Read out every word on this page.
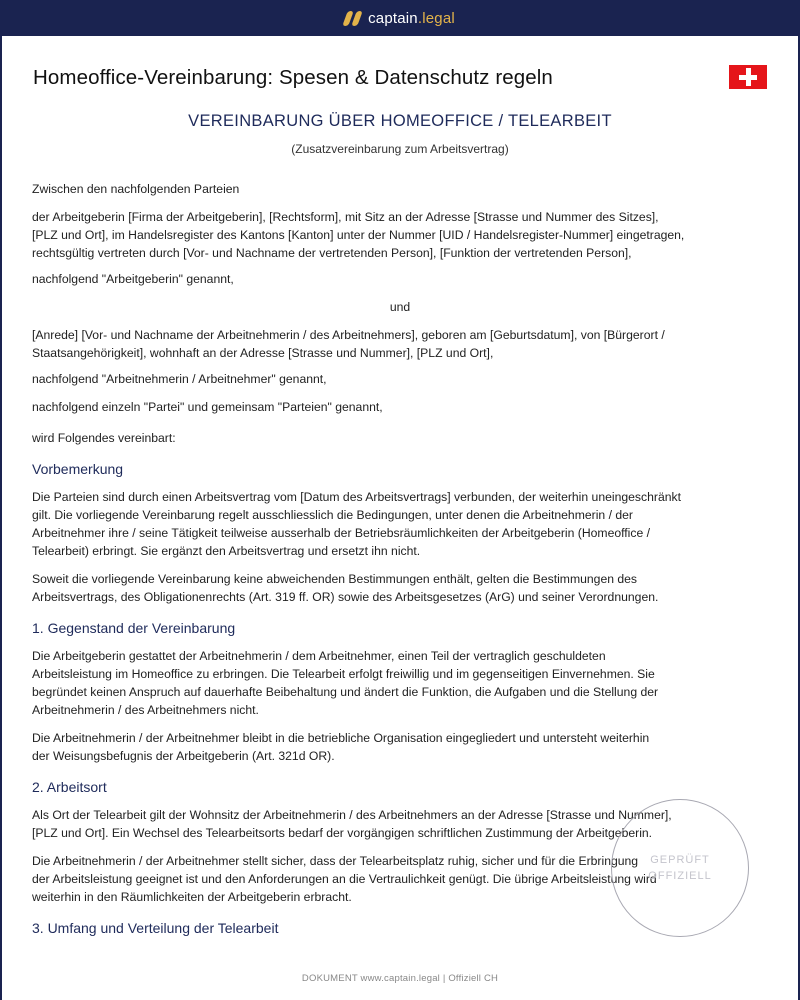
captain.legal
Homeoffice-Vereinbarung: Spesen & Datenschutz regeln
VEREINBARUNG ÜBER HOMEOFFICE / TELEARBEIT
(Zusatzvereinbarung zum Arbeitsvertrag)
Zwischen den nachfolgenden Parteien
der Arbeitgeberin [Firma der Arbeitgeberin], [Rechtsform], mit Sitz an der Adresse [Strasse und Nummer des Sitzes],
[PLZ und Ort], im Handelsregister des Kantons [Kanton] unter der Nummer [UID / Handelsregister-Nummer] eingetragen,
rechtsgültig vertreten durch [Vor- und Nachname der vertretenden Person], [Funktion der vertretenden Person],
nachfolgend "Arbeitgeberin" genannt,
und
[Anrede] [Vor- und Nachname der Arbeitnehmerin / des Arbeitnehmers], geboren am [Geburtsdatum], von [Bürgerort /
Staatsangehörigkeit], wohnhaft an der Adresse [Strasse und Nummer], [PLZ und Ort],
nachfolgend "Arbeitnehmerin / Arbeitnehmer" genannt,
nachfolgend einzeln "Partei" und gemeinsam "Parteien" genannt,
wird Folgendes vereinbart:
Vorbemerkung
Die Parteien sind durch einen Arbeitsvertrag vom [Datum des Arbeitsvertrags] verbunden, der weiterhin uneingeschränkt
gilt. Die vorliegende Vereinbarung regelt ausschliesslich die Bedingungen, unter denen die Arbeitnehmerin / der
Arbeitnehmer ihre / seine Tätigkeit teilweise ausserhalb der Betriebsräumlichkeiten der Arbeitgeberin (Homeoffice /
Telearbeit) erbringt. Sie ergänzt den Arbeitsvertrag und ersetzt ihn nicht.
Soweit die vorliegende Vereinbarung keine abweichenden Bestimmungen enthält, gelten die Bestimmungen des
Arbeitsvertrags, des Obligationenrechts (Art. 319 ff. OR) sowie des Arbeitsgesetzes (ArG) und seiner Verordnungen.
1. Gegenstand der Vereinbarung
Die Arbeitgeberin gestattet der Arbeitnehmerin / dem Arbeitnehmer, einen Teil der vertraglich geschuldeten
Arbeitsleistung im Homeoffice zu erbringen. Die Telearbeit erfolgt freiwillig und im gegenseitigen Einvernehmen. Sie
begründet keinen Anspruch auf dauerhafte Beibehaltung und ändert die Funktion, die Aufgaben und die Stellung der
Arbeitnehmerin / des Arbeitnehmers nicht.
Die Arbeitnehmerin / der Arbeitnehmer bleibt in die betriebliche Organisation eingegliedert und untersteht weiterhin
der Weisungsbefugnis der Arbeitgeberin (Art. 321d OR).
2. Arbeitsort
Als Ort der Telearbeit gilt der Wohnsitz der Arbeitnehmerin / des Arbeitnehmers an der Adresse [Strasse und Nummer],
[PLZ und Ort]. Ein Wechsel des Telearbeitsorts bedarf der vorgängigen schriftlichen Zustimmung der Arbeitgeberin.
Die Arbeitnehmerin / der Arbeitnehmer stellt sicher, dass der Telearbeitsplatz ruhig, sicher und für die Erbringung
der Arbeitsleistung geeignet ist und den Anforderungen an die Vertraulichkeit genügt. Die übrige Arbeitsleistung wird
weiterhin in den Räumlichkeiten der Arbeitgeberin erbracht.
3. Umfang und Verteilung der Telearbeit
GEPRÜFT
OFFIZIELL
DOKUMENT www.captain.legal | Offiziell CH
